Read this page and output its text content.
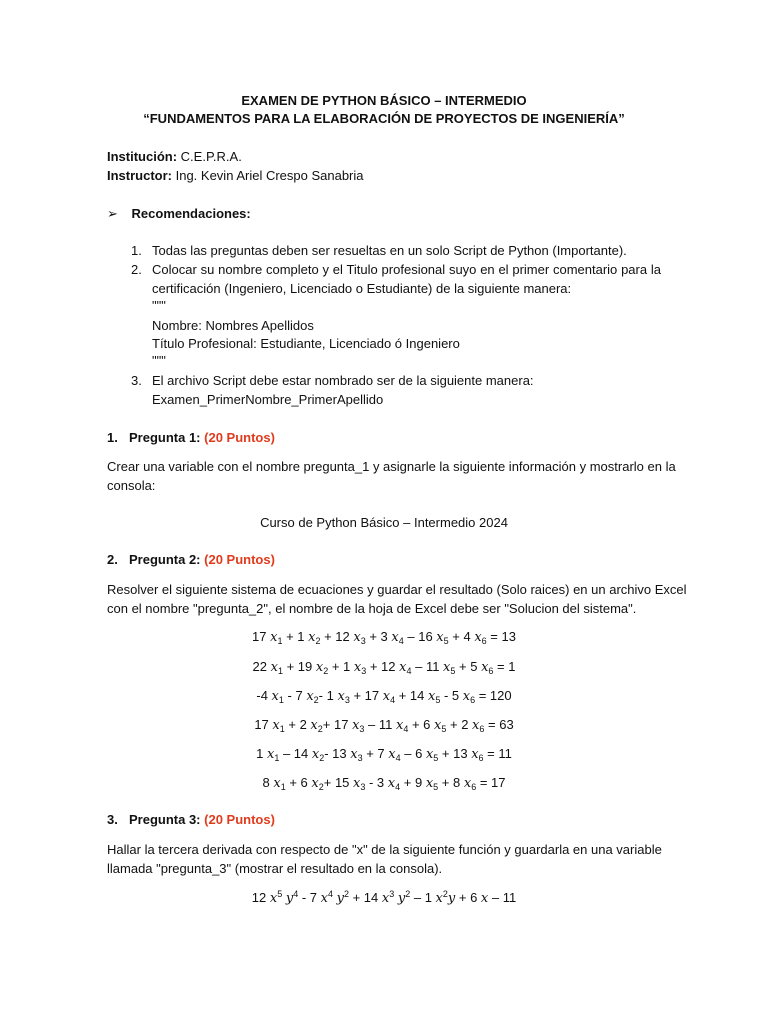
EXAMEN DE PYTHON BÁSICO – INTERMEDIO
“FUNDAMENTOS PARA LA ELABORACIÓN DE PROYECTOS DE INGENIERÍA”
Institución: C.E.P.R.A.
Instructor: Ing. Kevin Ariel Crespo Sanabria
➢ Recomendaciones:
1. Todas las preguntas deben ser resueltas en un solo Script de Python (Importante).
2. Colocar su nombre completo y el Titulo profesional suyo en el primer comentario para la
certificación (Ingeniero, Licenciado o Estudiante) de la siguiente manera:
"""
Nombre: Nombres Apellidos
Título Profesional: Estudiante, Licenciado ó Ingeniero
"""
3. El archivo Script debe estar nombrado ser de la siguiente manera:
Examen_PrimerNombre_PrimerApellido
1. Pregunta 1: (20 Puntos)
Crear una variable con el nombre pregunta_1 y asignarle la siguiente información y mostrarlo en la
consola:
Curso de Python Básico – Intermedio 2024
2. Pregunta 2: (20 Puntos)
Resolver el siguiente sistema de ecuaciones y guardar el resultado (Solo raices) en un archivo Excel
con el nombre "pregunta_2", el nombre de la hoja de Excel debe ser "Solucion del sistema".
17 $x_1 + 1$ $x_2 + 12$ $x_3 + 3$ $x_4 - 16$ $x_5 + 4$ $x_6 = 13$
22 $x_1 + 19$ $x_2 + 1$ $x_3 + 12$ $x_4 - 11$ $x_5 + 5$ $x_6 = 1$
-4 $x_1 - 7$ $x_2-$ 1 $x_3 + 17$ $x_4 + 14$ $x_5 - 5$ $x_6 = 120$
17 $x_1 + 2$ $x_2+ 17$ $x_3 - 11$ $x_4 + 6$ $x_5 + 2$ $x_6 = 63$
1 $x_1 - 14$ $x_2-$ 13 $x_3 + 7$ $x_4 - 6$ $x_5 + 13$ $x_6 = 11$
8 $x_1 + 6$ $x_2+ 15$ $x_3 - 3$ $x_4 + 9$ $x_5 + 8$ $x_6 = 17$
3. Pregunta 3: (20 Puntos)
Hallar la tercera derivada con respecto de "x" de la siguiente función y guardarla en una variable
llamada "pregunta_3" (mostrar el resultado en la consola).
12 $x^5$ $y^4 - 7$ $x^4$ $y^2 + 14$ $x^3$ $y^2 - 1$ $x^2y + 6$ x – 11
